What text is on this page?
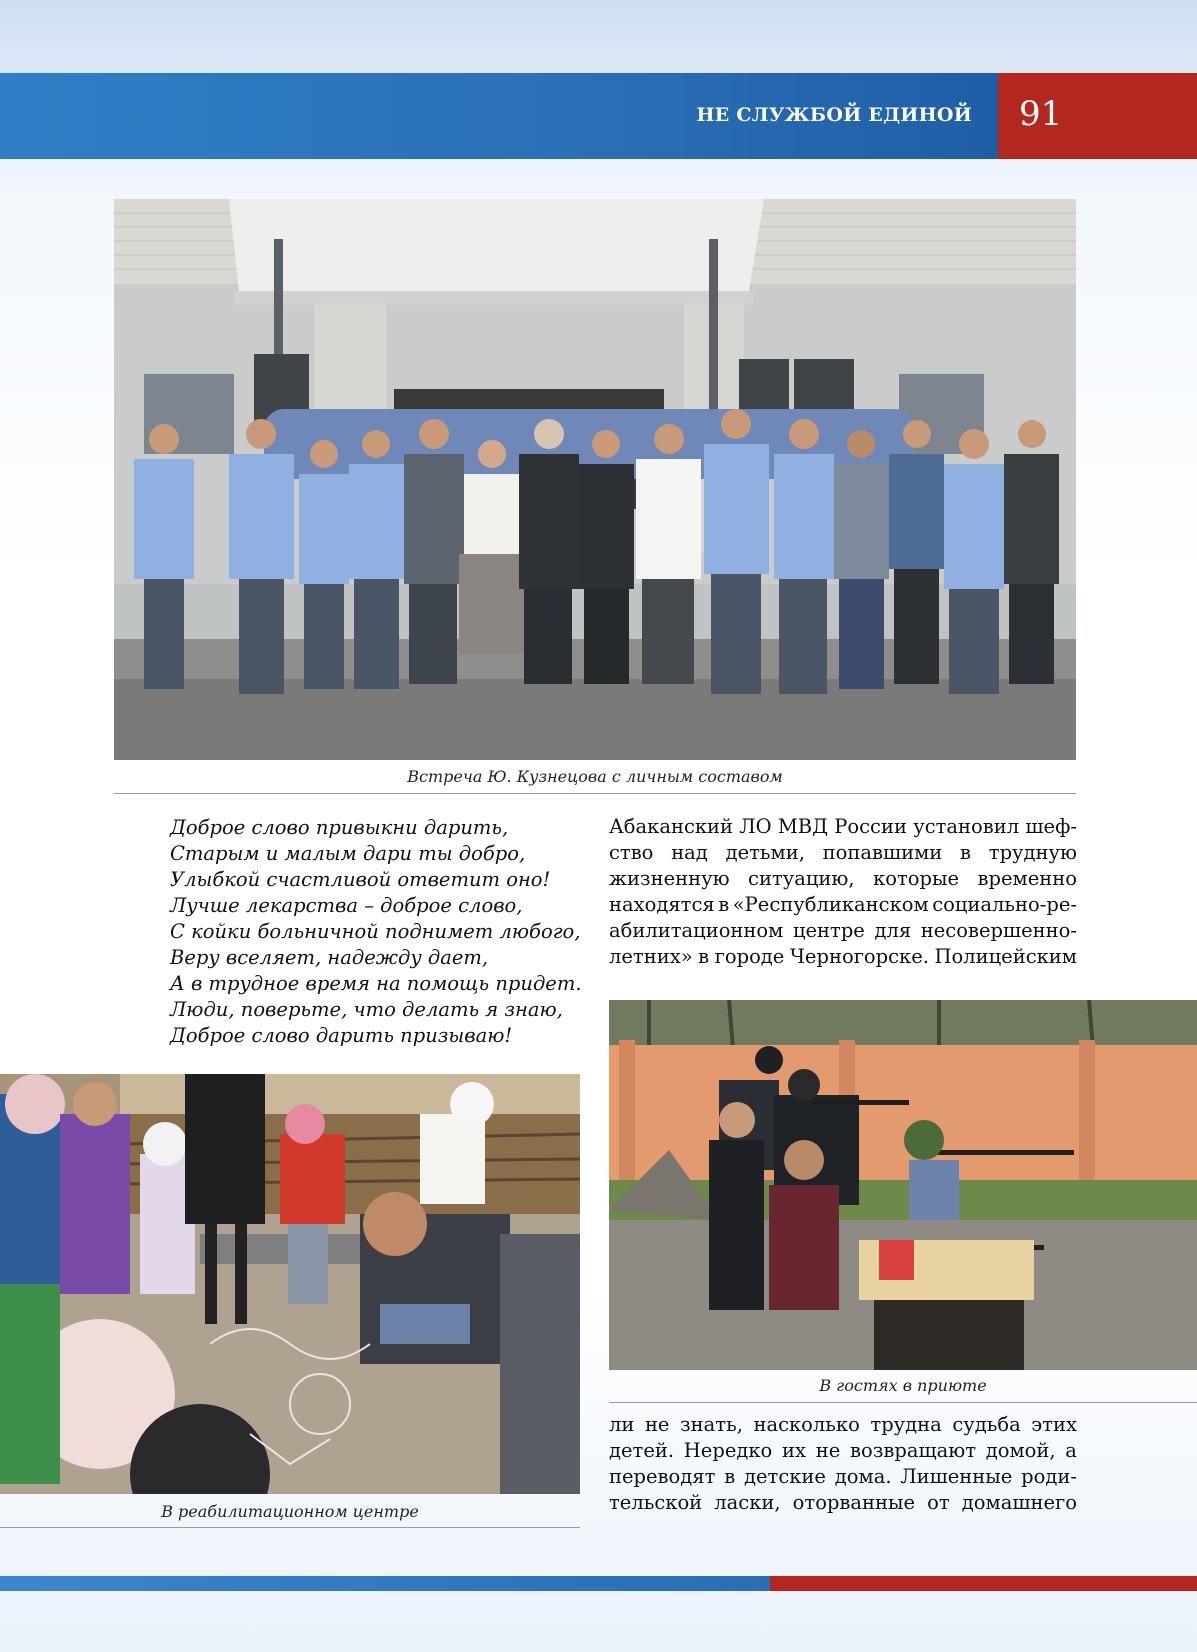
НЕ СЛУЖБОЙ ЕДИНОЙ 91
Встреча Ю. Кузнецова с личным составом
Доброе слово привыкни дарить,
Старым и малым дари ты добро,
Улыбкой счастливой ответит оно!
Лучше лекарства – доброе слово,
С койки больничной поднимет любого,
Веру вселяет, надежду дает,
А в трудное время на помощь придет.
Люди, поверьте, что делать я знаю,
Доброе слово дарить призываю!
Абаканский ЛО МВД России установил шеф-
ство над детьми, попавшими в трудную
жизненную ситуацию, которые временно
находятся в «Республиканском социально-ре-
абилитационном центре для несовершенно-
летних» в городе Черногорске. Полицейским
В реабилитационном центре
В гостях в приюте
ли не знать, насколько трудна судьба этих
детей. Нередко их не возвращают домой, а
переводят в детские дома. Лишенные роди-
тельской ласки, оторванные от домашнего
